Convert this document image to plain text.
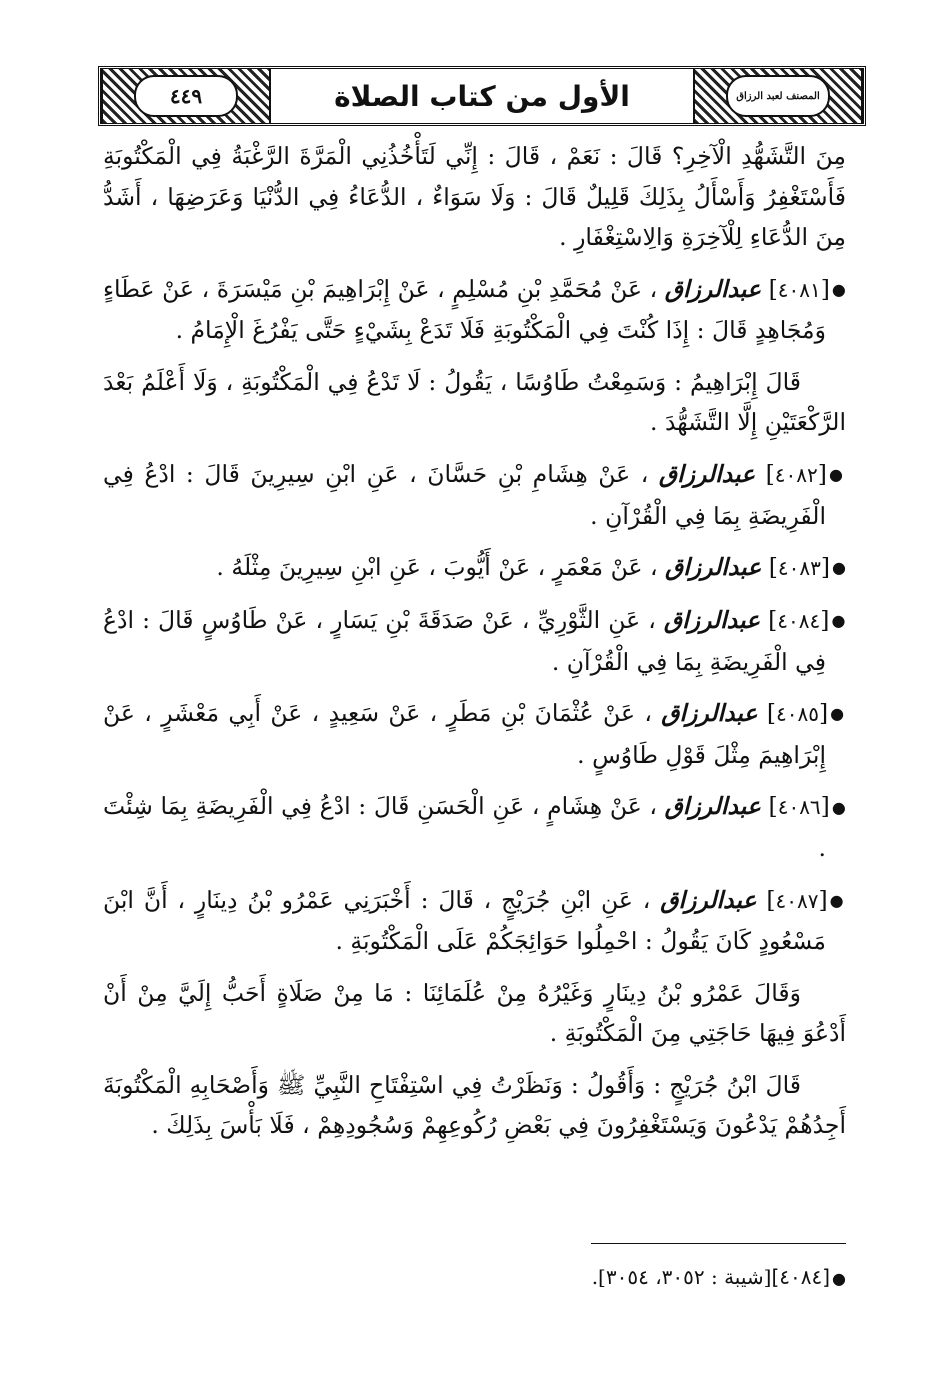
المصنف لعبد الرزاق
الأول من كتاب الصلاة
٤٤٩

مِنَ التَّشَهُّدِ الْآخِرِ؟ قَالَ : نَعَمْ ، قَالَ : إِنِّي لَتَأْخُذُنِي الْمَرَّةَ الرَّغْبَةُ فِي الْمَكْتُوبَةِ فَأَسْتَغْفِرُ وَأَسْأَلُ بِذَلِكَ قَلِيلٌ قَالَ : وَلَا سَوَاءٌ ، الدُّعَاءُ فِي الدُّنْيَا وَعَرَضِهَا ، أَشَدُّ مِنَ الدُّعَاءِ لِلْآخِرَةِ وَالِاسْتِغْفَارِ .

●[٤٠٨١] عبدالرزاق ، عَنْ مُحَمَّدِ بْنِ مُسْلِمٍ ، عَنْ إِبْرَاهِيمَ بْنِ مَيْسَرَةَ ، عَنْ عَطَاءٍ وَمُجَاهِدٍ قَالَ : إِذَا كُنْتَ فِي الْمَكْتُوبَةِ فَلَا تَدَعْ بِشَيْءٍ حَتَّى يَفْرُغَ الْإِمَامُ .

قَالَ إِبْرَاهِيمُ : وَسَمِعْتُ طَاوُسًا ، يَقُولُ : لَا تَدْعُ فِي الْمَكْتُوبَةِ ، وَلَا أَعْلَمُ بَعْدَ الرَّكْعَتَيْنِ إِلَّا التَّشَهُّدَ .

●[٤٠٨٢] عبدالرزاق ، عَنْ هِشَامِ بْنِ حَسَّانَ ، عَنِ ابْنِ سِيرِينَ قَالَ : ادْعُ فِي الْفَرِيضَةِ بِمَا فِي الْقُرْآنِ .

●[٤٠٨٣] عبدالرزاق ، عَنْ مَعْمَرٍ ، عَنْ أَيُّوبَ ، عَنِ ابْنِ سِيرِينَ مِثْلَهُ .

●[٤٠٨٤] عبدالرزاق ، عَنِ الثَّوْرِيِّ ، عَنْ صَدَقَةَ بْنِ يَسَارٍ ، عَنْ طَاوُسٍ قَالَ : ادْعُ فِي الْفَرِيضَةِ بِمَا فِي الْقُرْآنِ .

●[٤٠٨٥] عبدالرزاق ، عَنْ عُثْمَانَ بْنِ مَطَرٍ ، عَنْ سَعِيدٍ ، عَنْ أَبِي مَعْشَرٍ ، عَنْ إِبْرَاهِيمَ مِثْلَ قَوْلِ طَاوُسٍ .

●[٤٠٨٦] عبدالرزاق ، عَنْ هِشَامٍ ، عَنِ الْحَسَنِ قَالَ : ادْعُ فِي الْفَرِيضَةِ بِمَا شِئْتَ .

●[٤٠٨٧] عبدالرزاق ، عَنِ ابْنِ جُرَيْجٍ ، قَالَ : أَخْبَرَنِي عَمْرُو بْنُ دِينَارٍ ، أَنَّ ابْنَ مَسْعُودٍ كَانَ يَقُولُ : احْمِلُوا حَوَائِجَكُمْ عَلَى الْمَكْتُوبَةِ .

وَقَالَ عَمْرُو بْنُ دِينَارٍ وَغَيْرُهُ مِنْ عُلَمَائِنَا : مَا مِنْ صَلَاةٍ أَحَبُّ إِلَيَّ مِنْ أَنْ أَدْعُوَ فِيهَا حَاجَتِي مِنَ الْمَكْتُوبَةِ .

قَالَ ابْنُ جُرَيْجٍ : وَأَقُولُ : وَنَظَرْتُ فِي اسْتِفْتَاحِ النَّبِيِّ ﷺ وَأَصْحَابِهِ الْمَكْتُوبَةَ أَجِدُهُمْ يَدْعُونَ وَيَسْتَغْفِرُونَ فِي بَعْضِ رُكُوعِهِمْ وَسُجُودِهِمْ ، فَلَا بَأْسَ بِذَلِكَ .

●[٤٠٨٤][شيبة : ٣٠٥٢، ٣٠٥٤].
